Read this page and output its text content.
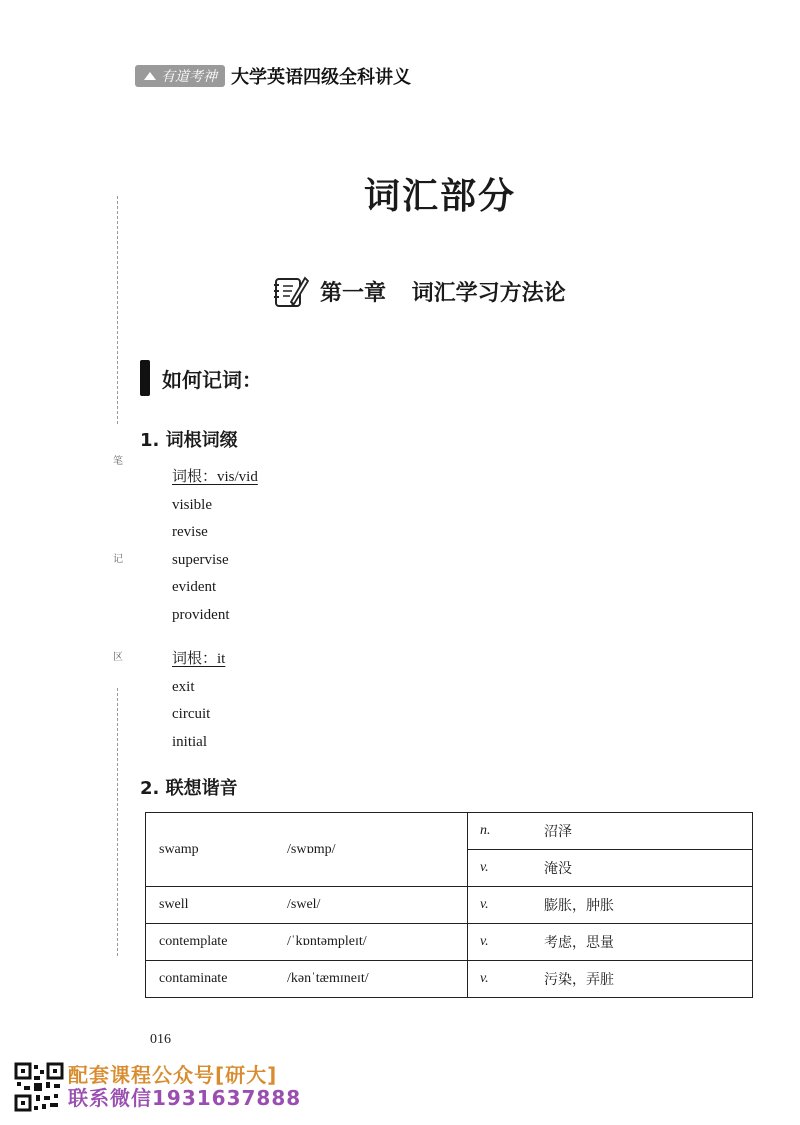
有道考神 大学英语四级全科讲义
笔
记
区
词汇部分
第一章 词汇学习方法论
如何记词：
1. 词根词缀
词根：vis/vid
visible
revise
supervise
evident
provident
词根：it
exit
circuit
initial
2. 联想谐音
swamp	/swɒmp/	n.	沼泽
		v.	淹没
swell	/swel/	v.	膨胀，肿胀
contemplate	/ˈkɒntəmpleɪt/	v.	考虑，思量
contaminate	/kənˈtæmɪneɪt/	v.	污染，弄脏
016
配套课程公众号[研大]
联系微信1931637888
